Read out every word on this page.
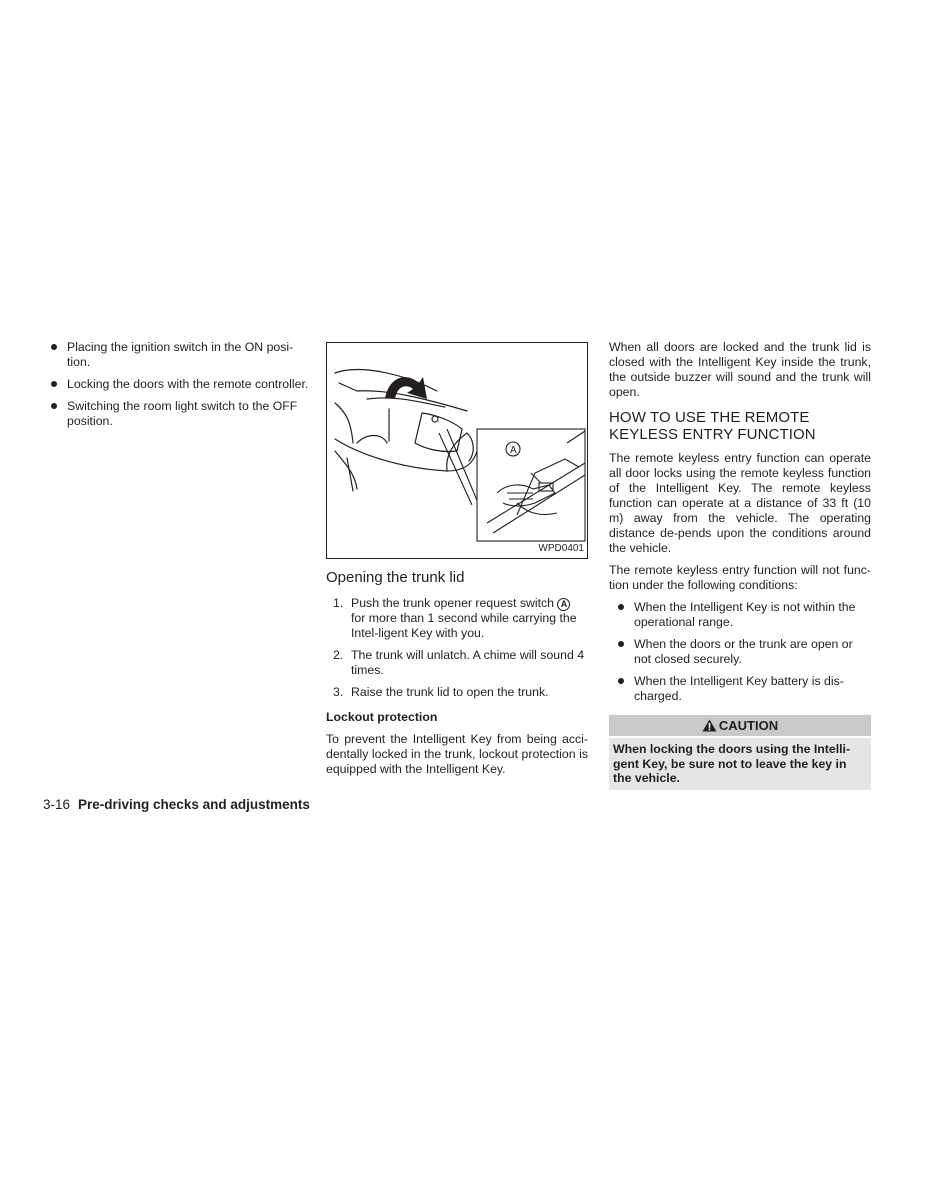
Placing the ignition switch in the ON posi-tion.
Locking the doors with the remote controller.
Switching the room light switch to the OFF position.
A
WPD0401
Opening the trunk lid
1. Push the trunk opener request switch A for more than 1 second while carrying the Intel-ligent Key with you.
2. The trunk will unlatch. A chime will sound 4 times.
3. Raise the trunk lid to open the trunk.
Lockout protection

To prevent the Intelligent Key from being acci-dentally locked in the trunk, lockout protection is equipped with the Intelligent Key.

When all doors are locked and the trunk lid is closed with the Intelligent Key inside the trunk, the outside buzzer will sound and the trunk will open.

HOW TO USE THE REMOTE
KEYLESS ENTRY FUNCTION

The remote keyless entry function can operate all door locks using the remote keyless function of the Intelligent Key. The remote keyless function can operate at a distance of 33 ft (10 m) away from the vehicle. The operating distance de-pends upon the conditions around the vehicle.

The remote keyless entry function will not func-tion under the following conditions:

When the Intelligent Key is not within the operational range.
When the doors or the trunk are open or not closed securely.
When the Intelligent Key battery is dis-charged.
CAUTION
When locking the doors using the Intelli-gent Key, be sure not to leave the key in the vehicle.
3-16 Pre-driving checks and adjustments
